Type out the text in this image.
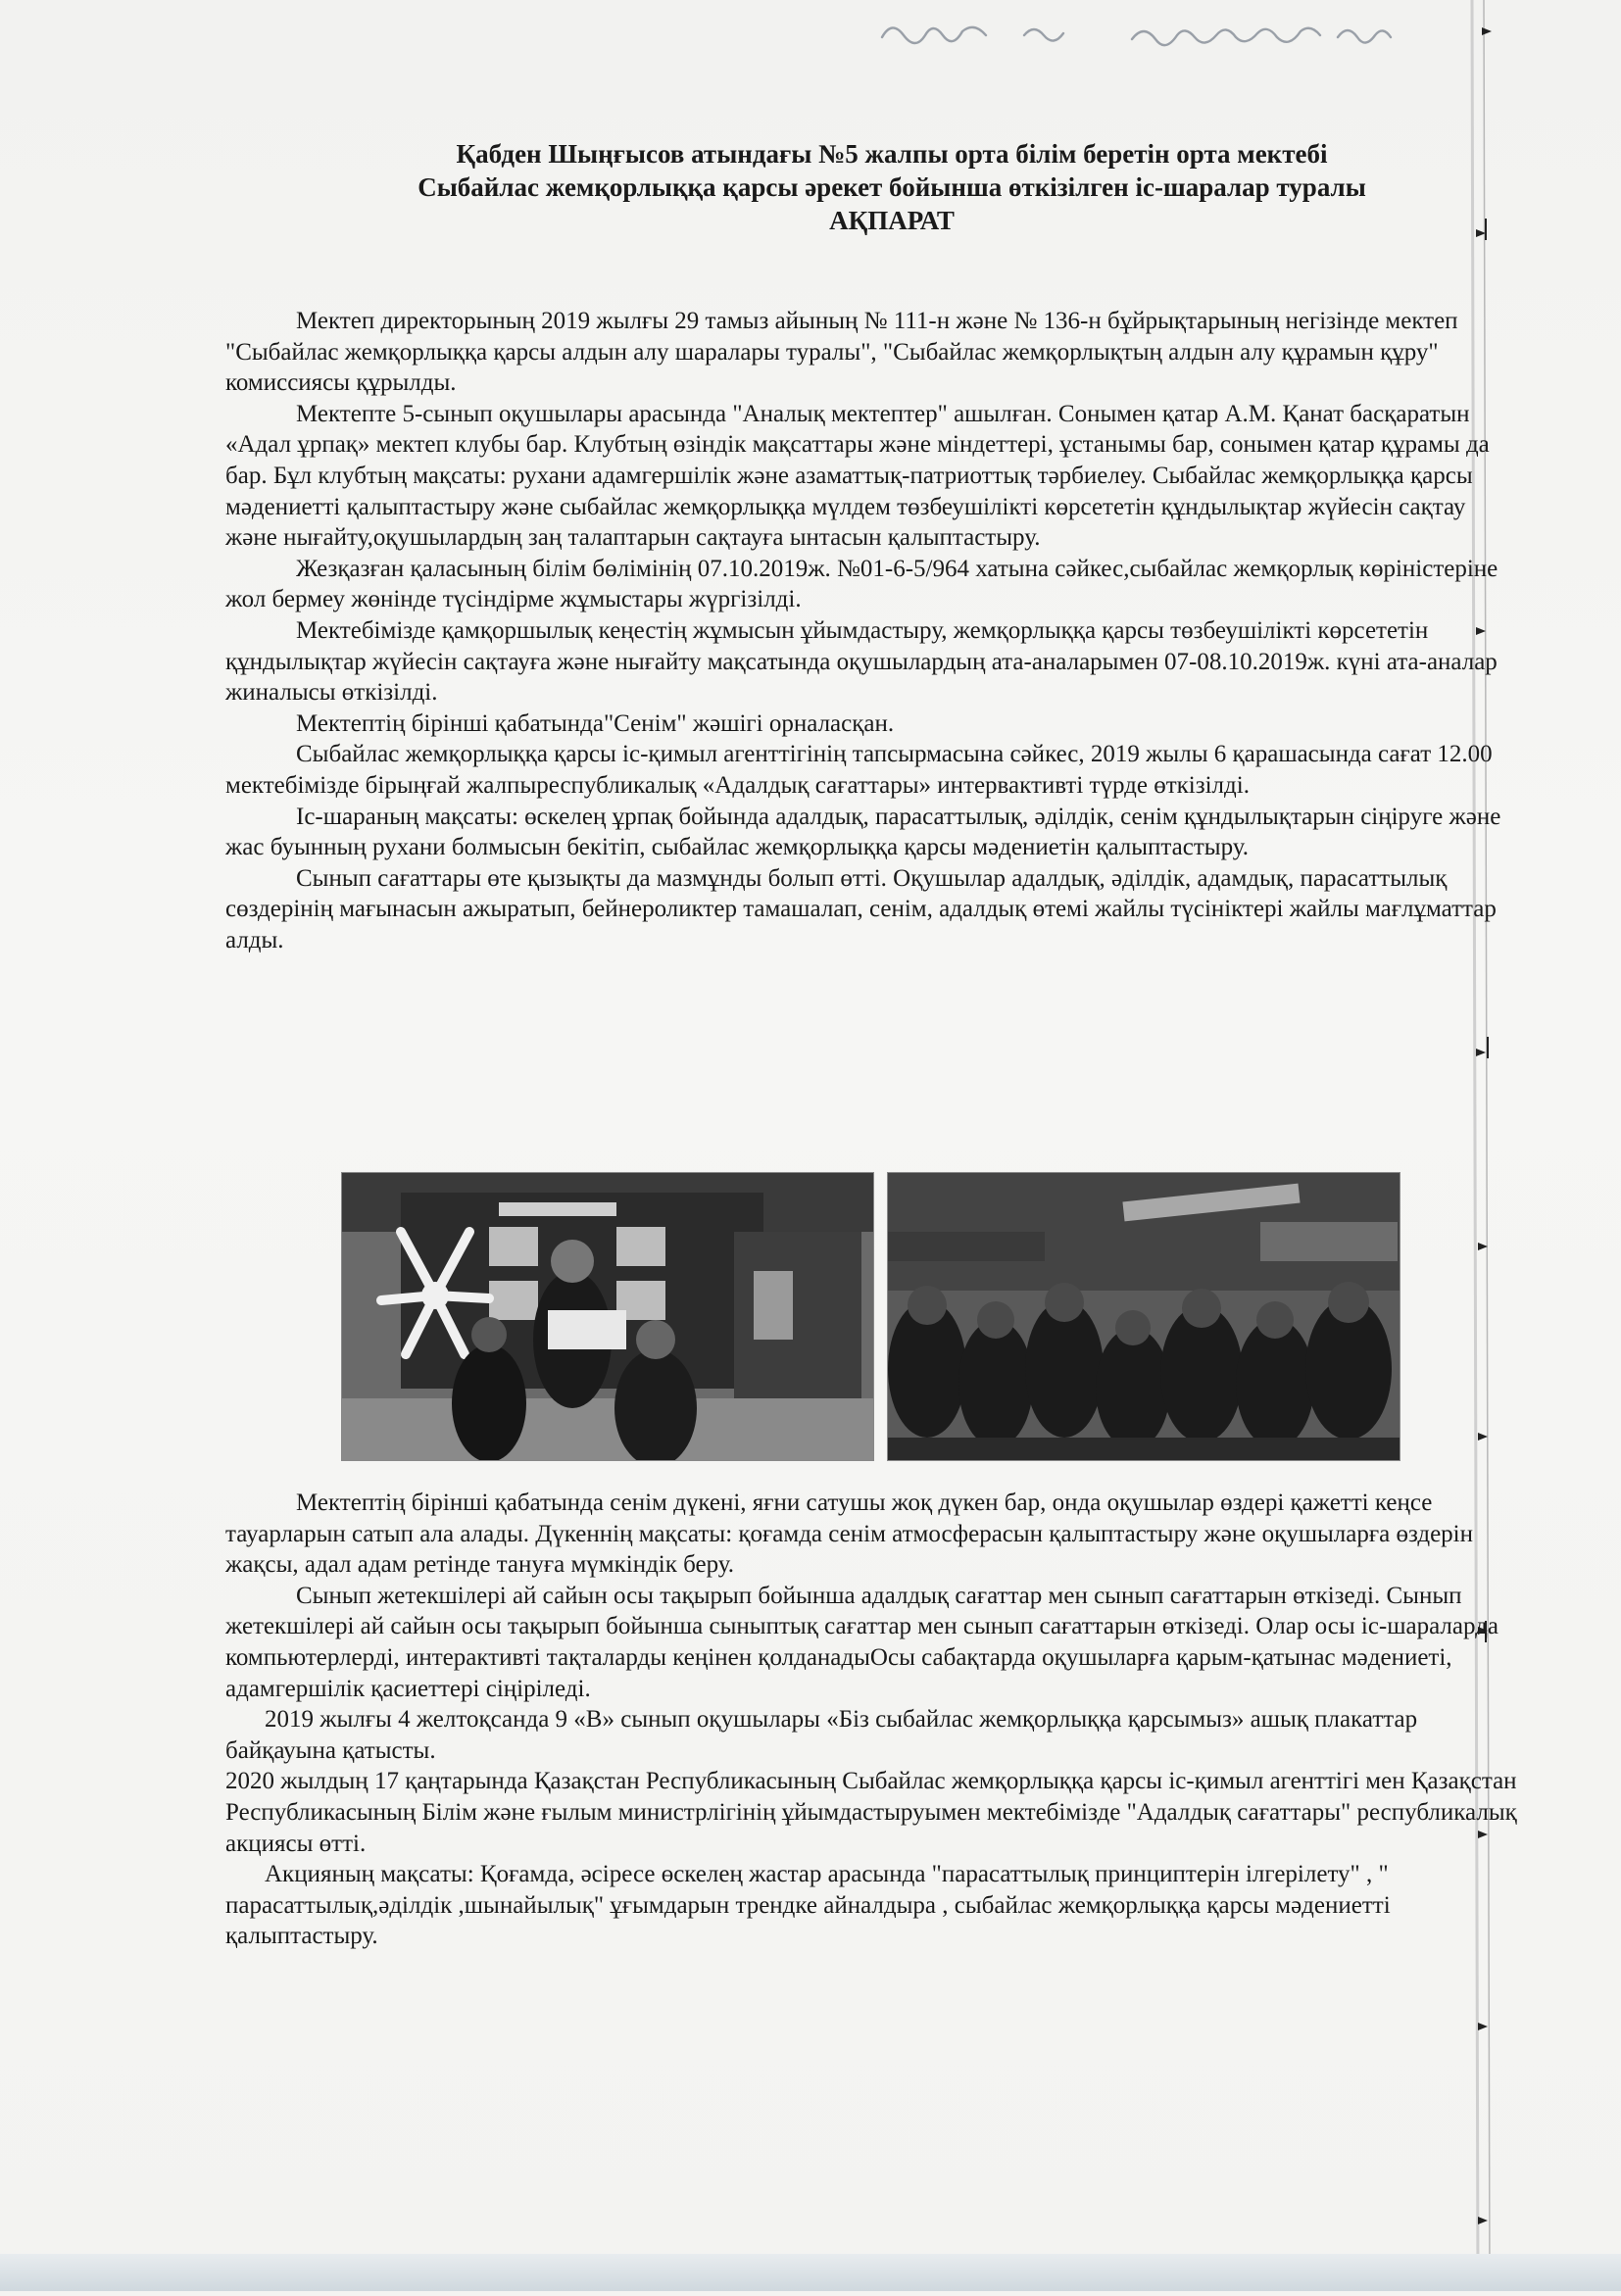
Қабден Шыңғысов атындағы №5 жалпы орта білім беретін орта мектебі
Сыбайлас жемқорлыққа қарсы әрекет бойынша өткізілген іс-шаралар туралы
АҚПАРАТ

Мектеп директорының 2019 жылғы 29 тамыз айының № 111-н және № 136-н бұйрықтарының негізінде мектеп "Сыбайлас жемқорлыққа қарсы алдын алу шаралары туралы", "Сыбайлас жемқорлықтың алдын алу құрамын құру" комиссиясы құрылды.

Мектепте 5-сынып оқушылары арасында "Аналық мектептер" ашылған. Сонымен қатар А.М. Қанат басқаратын «Адал ұрпақ» мектеп клубы бар. Клубтың өзіндік мақсаттары және міндеттері, ұстанымы бар, сонымен қатар құрамы да бар. Бұл клубтың мақсаты: рухани адамгершілік және азаматтық-патриоттық тәрбиелеу. Сыбайлас жемқорлыққа қарсы мәдениетті қалыптастыру және сыбайлас жемқорлыққа мүлдем төзбеушілікті көрсететін құндылықтар жүйесін сақтау және нығайту,оқушылардың заң талаптарын сақтауға ынтасын қалыптастыру.

Жезқазған қаласының білім бөлімінің 07.10.2019ж. №01-6-5/964 хатына сәйкес,сыбайлас жемқорлық көріністеріне жол бермеу жөнінде түсіндірме жұмыстары жүргізілді.

Мектебімізде қамқоршылық кеңестің жұмысын ұйымдастыру, жемқорлыққа қарсы төзбеушілікті көрсететін құндылықтар жүйесін сақтауға және нығайту мақсатында оқушылардың ата-аналарымен 07-08.10.2019ж. күні ата-аналар жиналысы өткізілді.

Мектептің бірінші қабатында"Сенім" жәшігі орналасқан.

Сыбайлас жемқорлыққа қарсы іс-қимыл агенттігінің тапсырмасына сәйкес, 2019 жылы 6 қарашасында сағат 12.00 мектебімізде бірыңғай жалпыреспубликалық «Адалдық сағаттары» интервактивті түрде өткізілді.

Іс-шараның мақсаты: өскелең ұрпақ бойында адалдық, парасаттылық, әділдік, сенім құндылықтарын сіңіруге және жас буынның рухани болмысын бекітіп, сыбайлас жемқорлыққа қарсы мәдениетін қалыптастыру.

Сынып сағаттары өте қызықты да мазмұнды болып өтті. Оқушылар адалдық, әділдік, адамдық, парасаттылық сөздерінің мағынасын ажыратып, бейнероликтер тамашалап, сенім, адалдық өтемі жайлы түсініктері жайлы мағлұматтар алды.

Мектептің бірінші қабатында сенім дүкені, яғни сатушы жоқ дүкен бар, онда оқушылар өздері қажетті кеңсе тауарларын сатып ала алады. Дүкеннің мақсаты: қоғамда сенім атмосферасын қалыптастыру және оқушыларға өздерін жақсы, адал адам ретінде тануға мүмкіндік беру.

Сынып жетекшілері ай сайын осы тақырып бойынша адалдық сағаттар мен сынып сағаттарын өткізеді. Сынып жетекшілері ай сайын осы тақырып бойынша сыныптық сағаттар мен сынып сағаттарын өткізеді. Олар осы іс-шараларда компьютерлерді, интерактивті тақталарды кеңінен қолданадыОсы сабақтарда оқушыларға қарым-қатынас мәдениеті, адамгершілік қасиеттері сіңіріледі.

2019 жылғы 4 желтоқсанда 9 «В» сынып оқушылары «Біз сыбайлас жемқорлыққа қарсымыз» ашық плакаттар байқауына қатысты.

2020 жылдың 17 қаңтарында Қазақстан Республикасының Сыбайлас жемқорлыққа қарсы іс-қимыл агенттігі мен Қазақстан Республикасының Білім және ғылым министрлігінің ұйымдастыруымен мектебімізде "Адалдық сағаттары" республикалық акциясы өтті.

Акцияның мақсаты: Қоғамда, әсіресе өскелең жастар арасында "парасаттылық принциптерін ілгерілету" , " парасаттылық,әділдік ,шынайылық" ұғымдарын трендке айналдыра , сыбайлас жемқорлыққа қарсы мәдениетті қалыптастыру.
